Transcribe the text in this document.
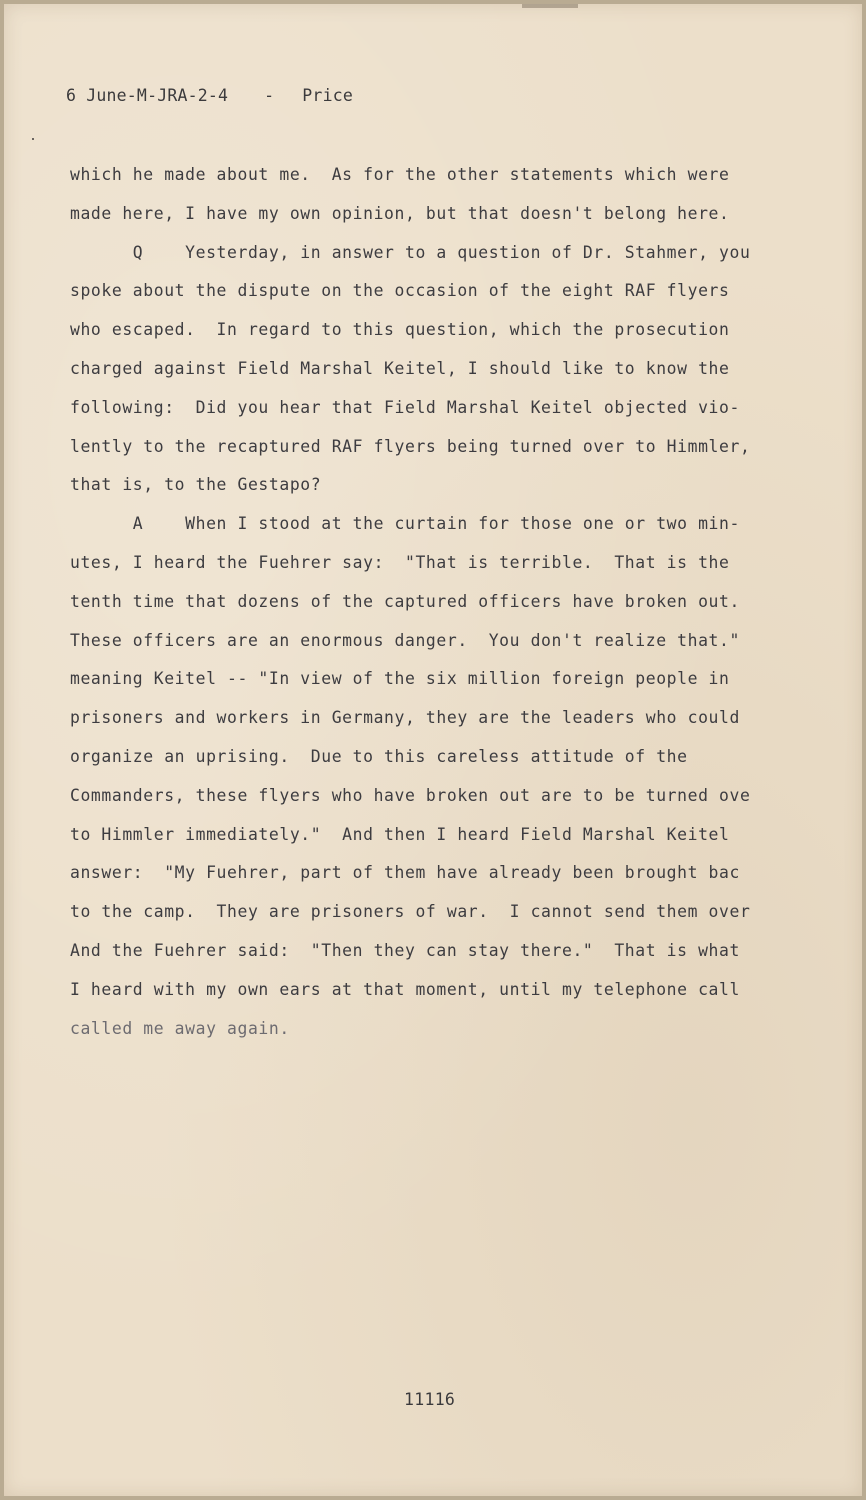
6 June-M-JRA-2-4 - Price
which he made about me.  As for the other statements which were
made here, I have my own opinion, but that doesn't belong here.
Q    Yesterday, in answer to a question of Dr. Stahmer, you
spoke about the dispute on the occasion of the eight RAF flyers
who escaped.  In regard to this question, which the prosecution
charged against Field Marshal Keitel, I should like to know the
following:  Did you hear that Field Marshal Keitel objected vio-
lently to the recaptured RAF flyers being turned over to Himmler,
that is, to the Gestapo?
A    When I stood at the curtain for those one or two min-
utes, I heard the Fuehrer say:  "That is terrible.  That is the
tenth time that dozens of the captured officers have broken out.
These officers are an enormous danger.  You don't realize that."
meaning Keitel -- "In view of the six million foreign people in
prisoners and workers in Germany, they are the leaders who could
organize an uprising.  Due to this careless attitude of the
Commanders, these flyers who have broken out are to be turned ove
to Himmler immediately."  And then I heard Field Marshal Keitel
answer:  "My Fuehrer, part of them have already been brought bac
to the camp.  They are prisoners of war.  I cannot send them over
And the Fuehrer said:  "Then they can stay there."  That is what
I heard with my own ears at that moment, until my telephone call
called me away again.
11116
